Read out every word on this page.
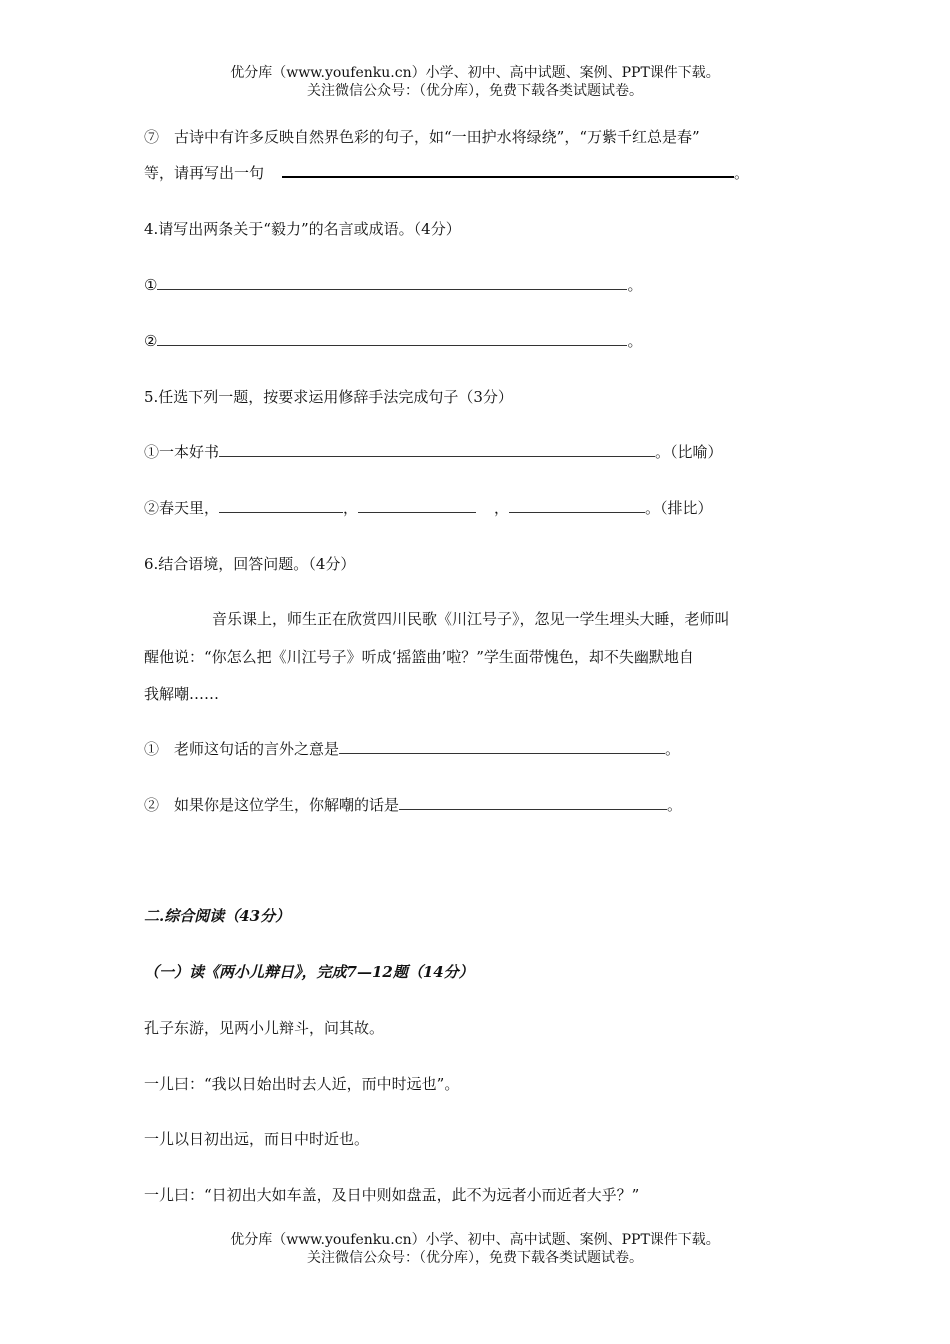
优分库（www.youfenku.cn）小学、初中、高中试题、案例、PPT课件下载。
关注微信公众号：（优分库），免费下载各类试题试卷。
⑦　古诗中有许多反映自然界色彩的句子，如“一田护水将绿绕”，“万紫千红总是春”
等，请再写出一句	。
4.请写出两条关于“毅力”的名言或成语。（4分）
①	。
②	。
5.任选下列一题，按要求运用修辞手法完成句子（3分）
①一本好书	。（比喻）
②春天里，	，	，	。（排比）
6.结合语境，回答问题。（4分）
音乐课上，师生正在欣赏四川民歌《川江号子》，忽见一学生埋头大睡，老师叫
醒他说：“你怎么把《川江号子》听成‘摇篮曲’啦？”学生面带愧色，却不失幽默地自
我解嘲……
①　老师这句话的言外之意是	。
②　如果你是这位学生，你解嘲的话是	。
二.综合阅读（43分）
（一）读《两小儿辩日》，完成7—12题（14分）
孔子东游，见两小儿辩斗，问其故。
一儿曰：“我以日始出时去人近，而中时远也”。
一儿以日初出远，而日中时近也。
一儿曰：“日初出大如车盖，及日中则如盘盂，此不为远者小而近者大乎？”
优分库（www.youfenku.cn）小学、初中、高中试题、案例、PPT课件下载。
关注微信公众号：（优分库），免费下载各类试题试卷。
